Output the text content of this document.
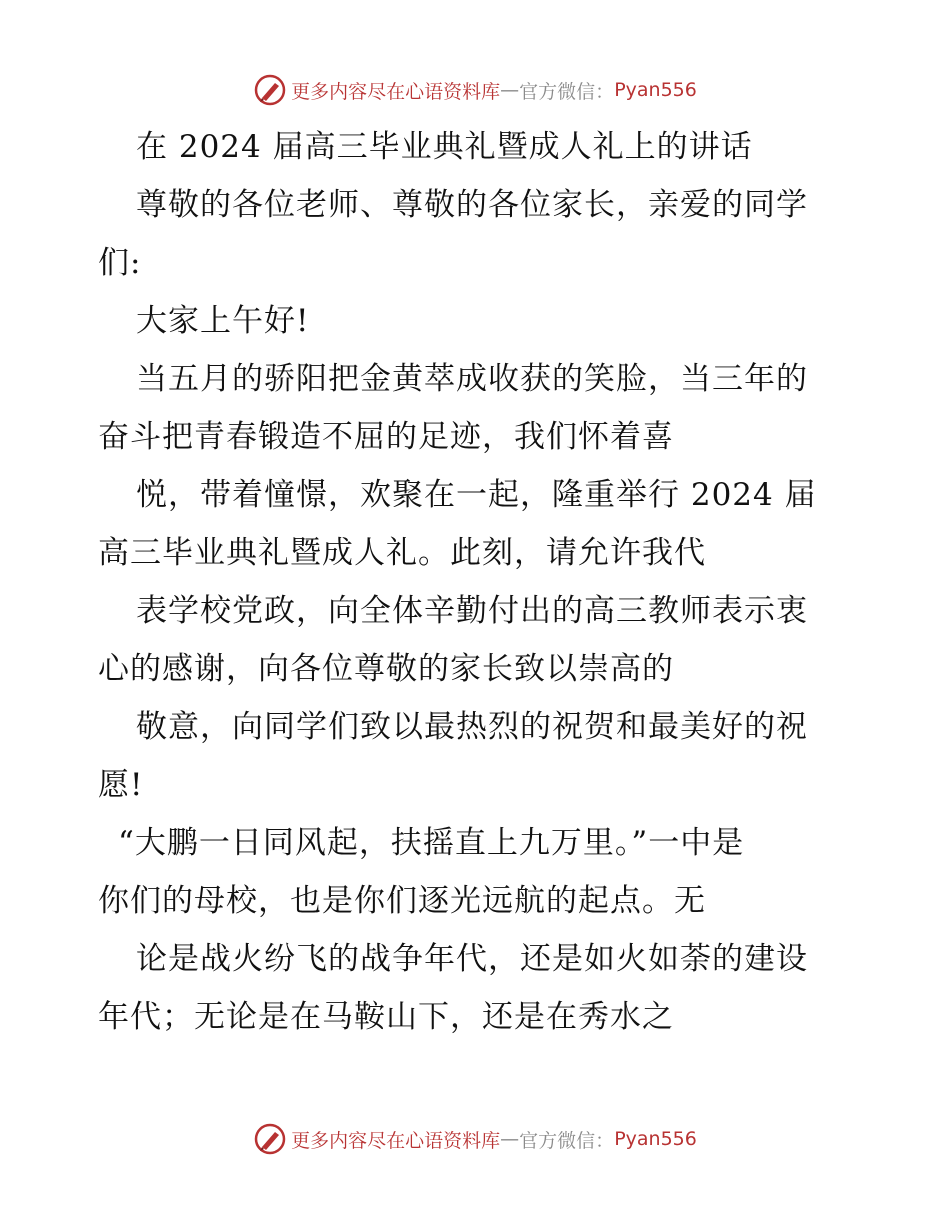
更多内容尽在心语资料库 — 官方微信： Pyan556
在 2024 届高三毕业典礼暨成人礼上的讲话
尊敬的各位老师、尊敬的各位家长，亲爱的同学
们:
大家上午好!
当五月的骄阳把金黄萃成收获的笑脸，当三年的
奋斗把青春锻造不屈的足迹，我们怀着喜
悦，带着憧憬，欢聚在一起，隆重举行 2024 届
高三毕业典礼暨成人礼。此刻，请允许我代
表学校党政，向全体辛勤付出的高三教师表示衷
心的感谢，向各位尊敬的家长致以崇高的
敬意，向同学们致以最热烈的祝贺和最美好的祝
愿!
“大鹏一日同风起，扶摇直上九万里。”一中是
你们的母校，也是你们逐光远航的起点。无
论是战火纷飞的战争年代，还是如火如荼的建设
年代；无论是在马鞍山下，还是在秀水之
更多内容尽在心语资料库 — 官方微信： Pyan556
